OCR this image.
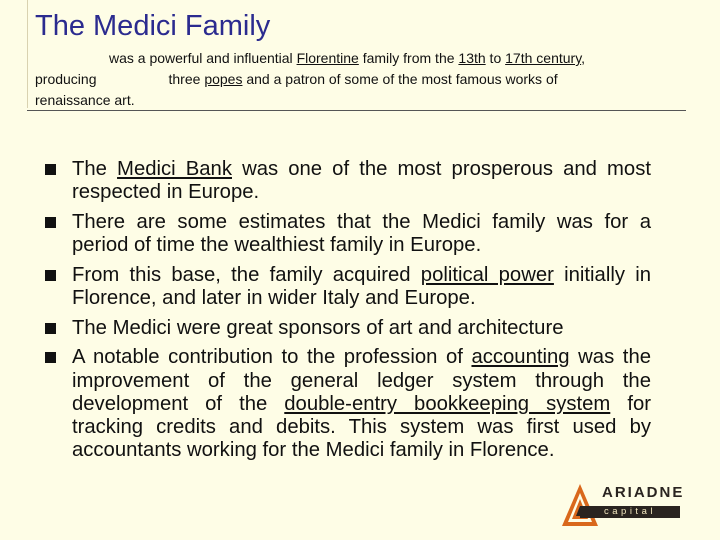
The Medici Family
was a powerful and influential Florentine family from the 13th to 17th century,
producing	three popes and a patron of some of the most famous works of
renaissance art.
The Medici Bank was one of the most prosperous and most respected in Europe.
There are some estimates that the Medici family was for a period of time the wealthiest family in Europe.
From this base, the family acquired political power initially in Florence, and later in wider Italy and Europe.
The Medici were great sponsors of art and architecture
A notable contribution to the profession of accounting was the improvement of the general ledger system through the development of the double-entry bookkeeping system for tracking credits and debits. This system was first used by accountants working for the Medici family in Florence.
ARIADNE
capital
